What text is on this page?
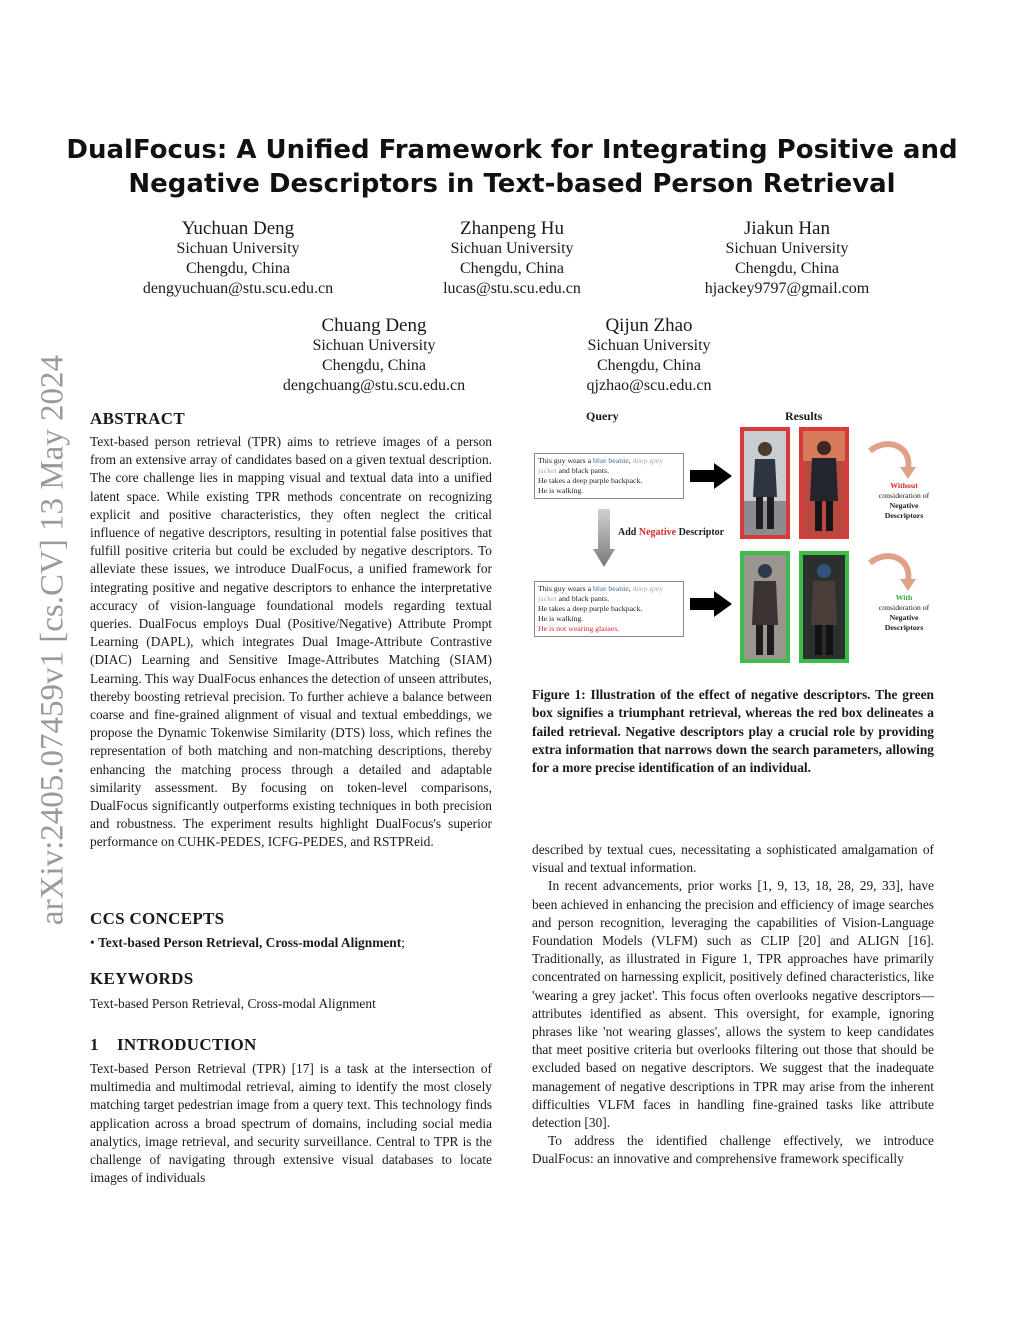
arXiv:2405.07459v1 [cs.CV] 13 May 2024
DualFocus: A Unified Framework for Integrating Positive and Negative Descriptors in Text-based Person Retrieval
Yuchuan Deng
Sichuan University
Chengdu, China
dengyuchuan@stu.scu.edu.cn
Zhanpeng Hu
Sichuan University
Chengdu, China
lucas@stu.scu.edu.cn
Jiakun Han
Sichuan University
Chengdu, China
hjackey9797@gmail.com
Chuang Deng
Sichuan University
Chengdu, China
dengchuang@stu.scu.edu.cn
Qijun Zhao
Sichuan University
Chengdu, China
qjzhao@scu.edu.cn
ABSTRACT

Text-based person retrieval (TPR) aims to retrieve images of a person from an extensive array of candidates based on a given textual description. The core challenge lies in mapping visual and textual data into a unified latent space. While existing TPR methods concentrate on recognizing explicit and positive characteristics, they often neglect the critical influence of negative descriptors, resulting in potential false positives that fulfill positive criteria but could be excluded by negative descriptors. To alleviate these issues, we introduce DualFocus, a unified framework for integrating positive and negative descriptors to enhance the interpretative accuracy of vision-language foundational models regarding textual queries. DualFocus employs Dual (Positive/Negative) Attribute Prompt Learning (DAPL), which integrates Dual Image-Attribute Contrastive (DIAC) Learning and Sensitive Image-Attributes Matching (SIAM) Learning. This way DualFocus enhances the detection of unseen attributes, thereby boosting retrieval precision. To further achieve a balance between coarse and fine-grained alignment of visual and textual embeddings, we propose the Dynamic Tokenwise Similarity (DTS) loss, which refines the representation of both matching and non-matching descriptions, thereby enhancing the matching process through a detailed and adaptable similarity assessment. By focusing on token-level comparisons, DualFocus significantly outperforms existing techniques in both precision and robustness. The experiment results highlight DualFocus's superior performance on CUHK-PEDES, ICFG-PEDES, and RSTPReid.

CCS CONCEPTS

• Text-based Person Retrieval, Cross-modal Alignment;

KEYWORDS

Text-based Person Retrieval, Cross-modal Alignment

1    INTRODUCTION

Text-based Person Retrieval (TPR) [17] is a task at the intersection of multimedia and multimodal retrieval, aiming to identify the most closely matching target pedestrian image from a query text. This technology finds application across a broad spectrum of domains, including social media analytics, image retrieval, and security surveillance. Central to TPR is the challenge of navigating through extensive visual databases to locate images of individuals

Query	Results
This guy wears a blue beanie, deep grey
jacket and black pants.
He takes a deep purple backpack.
He is walking.
Add Negative Descriptor
This guy wears a blue beanie, deep grey
jacket and black pants.
He takes a deep purple backpack.
He is walking.
He is not wearing glasses.
Without
consideration of
Negative
Descriptors
With
consideration of
Negative
Descriptors
Figure 1: Illustration of the effect of negative descriptors. The green box signifies a triumphant retrieval, whereas the red box delineates a failed retrieval. Negative descriptors play a crucial role by providing extra information that narrows down the search parameters, allowing for a more precise identification of an individual.

described by textual cues, necessitating a sophisticated amalgamation of visual and textual information.

In recent advancements, prior works [1, 9, 13, 18, 28, 29, 33], have been achieved in enhancing the precision and efficiency of image searches and person recognition, leveraging the capabilities of Vision-Language Foundation Models (VLFM) such as CLIP [20] and ALIGN [16]. Traditionally, as illustrated in Figure 1, TPR approaches have primarily concentrated on harnessing explicit, positively defined characteristics, like 'wearing a grey jacket'. This focus often overlooks negative descriptors—attributes identified as absent. This oversight, for example, ignoring phrases like 'not wearing glasses', allows the system to keep candidates that meet positive criteria but overlooks filtering out those that should be excluded based on negative descriptors. We suggest that the inadequate management of negative descriptions in TPR may arise from the inherent difficulties VLFM faces in handling fine-grained tasks like attribute detection [30].

To address the identified challenge effectively, we introduce DualFocus: an innovative and comprehensive framework specifically
